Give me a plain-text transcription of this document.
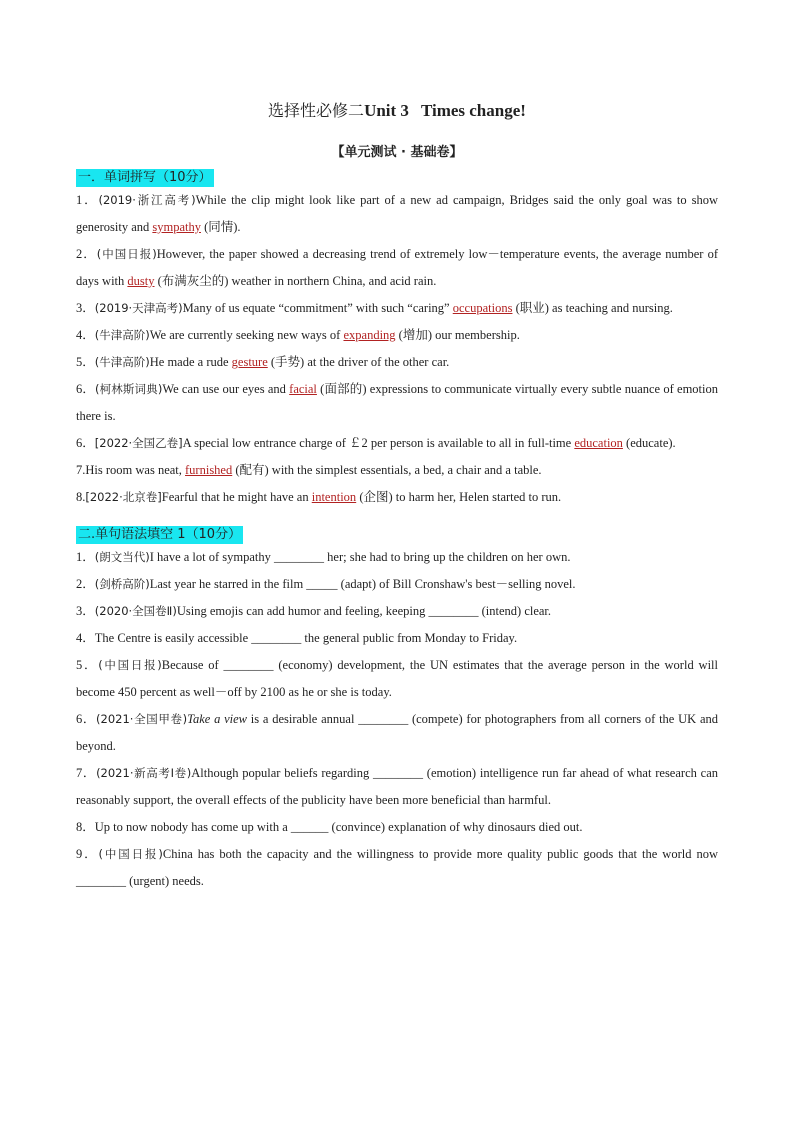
选择性必修二Unit 3 Times change!
【单元测试 · 基础卷】
一．单词拼写（10分）
1．(2019·浙江高考)While the clip might look like part of a new ad campaign, Bridges said the only goal was to show generosity and sympathy (同情).
2．(中国日报)However, the paper showed a decreasing trend of extremely low－temperature events, the average number of days with dusty (布满灰尘的) weather in northern China, and acid rain.
3．(2019·天津高考)Many of us equate “commitment” with such “caring” occupations (职业) as teaching and nursing.
4．(牛津高阶)We are currently seeking new ways of expanding (增加) our membership.
5．(牛津高阶)He made a rude gesture (手势) at the driver of the other car.
6．(柯林斯词典)We can use our eyes and facial (面部的) expressions to communicate virtually every subtle nuance of emotion there is.
6．[2022·全国乙卷]A special low entrance charge of ￡2 per person is available to all in full-time education (educate).
7.His room was neat, furnished (配有) with the simplest essentials, a bed, a chair and a table.
8.[2022·北京卷]Fearful that he might have an intention (企图) to harm her, Helen started to run.
二.单句语法填空 1（10分）
1．(朗文当代)I have a lot of sympathy ________ her; she had to bring up the children on her own.
2．(剑桥高阶)Last year he starred in the film _____ (adapt) of Bill Cronshaw's best－selling novel.
3．(2020·全国卷Ⅱ)Using emojis can add humor and feeling, keeping ________ (intend) clear.
4．The Centre is easily accessible ________ the general public from Monday to Friday.
5．(中国日报)Because of ________ (economy) development, the UN estimates that the average person in the world will become 450 percent as well－off by 2100 as he or she is today.
6．(2021·全国甲卷)Take a view is a desirable annual ________ (compete) for photographers from all corners of the UK and beyond.
7．(2021·新高考Ⅰ卷)Although popular beliefs regarding ________ (emotion) intelligence run far ahead of what research can reasonably support, the overall effects of the publicity have been more beneficial than harmful.
8．Up to now nobody has come up with a ______ (convince) explanation of why dinosaurs died out.
9．(中国日报)China has both the capacity and the willingness to provide more quality public goods that the world now ________ (urgent) needs.
